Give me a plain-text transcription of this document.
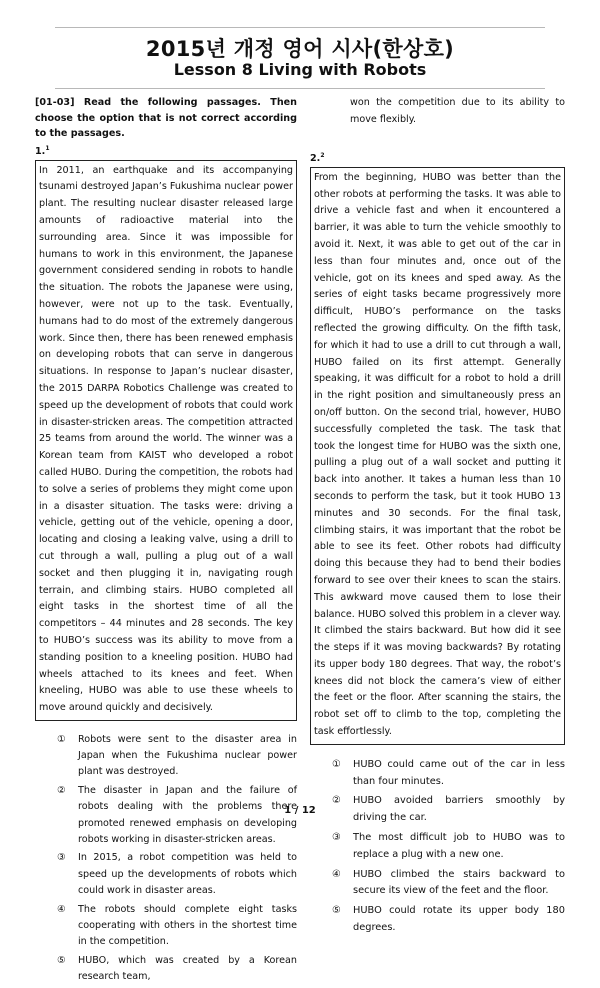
2015년 개정 영어 시사(한상호)
Lesson 8 Living with Robots
[01-03] Read the following passages. Then choose the option that is not correct according to the passages.
1.$^1$
In 2011, an earthquake and its accompanying tsunami destroyed Japan’s Fukushima nuclear power plant. The resulting nuclear disaster released large amounts of radioactive material into the surrounding area. Since it was impossible for humans to work in this environment, the Japanese government considered sending in robots to handle the situation. The robots the Japanese were using, however, were not up to the task. Eventually, humans had to do most of the extremely dangerous work. Since then, there has been renewed emphasis on developing robots that can serve in dangerous situations. In response to Japan’s nuclear disaster, the 2015 DARPA Robotics Challenge was created to speed up the development of robots that could work in disaster-stricken areas. The competition attracted 25 teams from around the world. The winner was a Korean team from KAIST who developed a robot called HUBO. During the competition, the robots had to solve a series of problems they might come upon in a disaster situation. The tasks were: driving a vehicle, getting out of the vehicle, opening a door, locating and closing a leaking valve, using a drill to cut through a wall, pulling a plug out of a wall socket and then plugging it in, navigating rough terrain, and climbing stairs. HUBO completed all eight tasks in the shortest time of all the competitors – 44 minutes and 28 seconds. The key to HUBO’s success was its ability to move from a standing position to a kneeling position. HUBO had wheels attached to its knees and feet. When kneeling, HUBO was able to use these wheels to move around quickly and decisively.
① Robots were sent to the disaster area in Japan when the Fukushima nuclear power plant was destroyed.
② The disaster in Japan and the failure of robots dealing with the problems there promoted renewed emphasis on developing robots working in disaster-stricken areas.
③ In 2015, a robot competition was held to speed up the developments of robots which could work in disaster areas.
④ The robots should complete eight tasks cooperating with others in the shortest time in the competition.
⑤ HUBO, which was created by a Korean research team,
won the competition due to its ability to move flexibly.
2.$^2$
From the beginning, HUBO was better than the other robots at performing the tasks. It was able to drive a vehicle fast and when it encountered a barrier, it was able to turn the vehicle smoothly to avoid it. Next, it was able to get out of the car in less than four minutes and, once out of the vehicle, got on its knees and sped away. As the series of eight tasks became progressively more difficult, HUBO’s performance on the tasks reflected the growing difficulty. On the fifth task, for which it had to use a drill to cut through a wall, HUBO failed on its first attempt. Generally speaking, it was difficult for a robot to hold a drill in the right position and simultaneously press an on/off button. On the second trial, however, HUBO successfully completed the task. The task that took the longest time for HUBO was the sixth one, pulling a plug out of a wall socket and putting it back into another. It takes a human less than 10 seconds to perform the task, but it took HUBO 13 minutes and 30 seconds. For the final task, climbing stairs, it was important that the robot be able to see its feet. Other robots had difficulty doing this because they had to bend their bodies forward to see over their knees to scan the stairs. This awkward move caused them to lose their balance. HUBO solved this problem in a clever way. It climbed the stairs backward. But how did it see the steps if it was moving backwards? By rotating its upper body 180 degrees. That way, the robot’s knees did not block the camera’s view of either the feet or the floor. After scanning the stairs, the robot set off to climb to the top, completing the task effortlessly.
① HUBO could came out of the car in less than four minutes.
② HUBO avoided barriers smoothly by driving the car.
③ The most difficult job to HUBO was to replace a plug with a new one.
④ HUBO climbed the stairs backward to secure its view of the feet and the floor.
⑤ HUBO could rotate its upper body 180 degrees.
1 / 12
